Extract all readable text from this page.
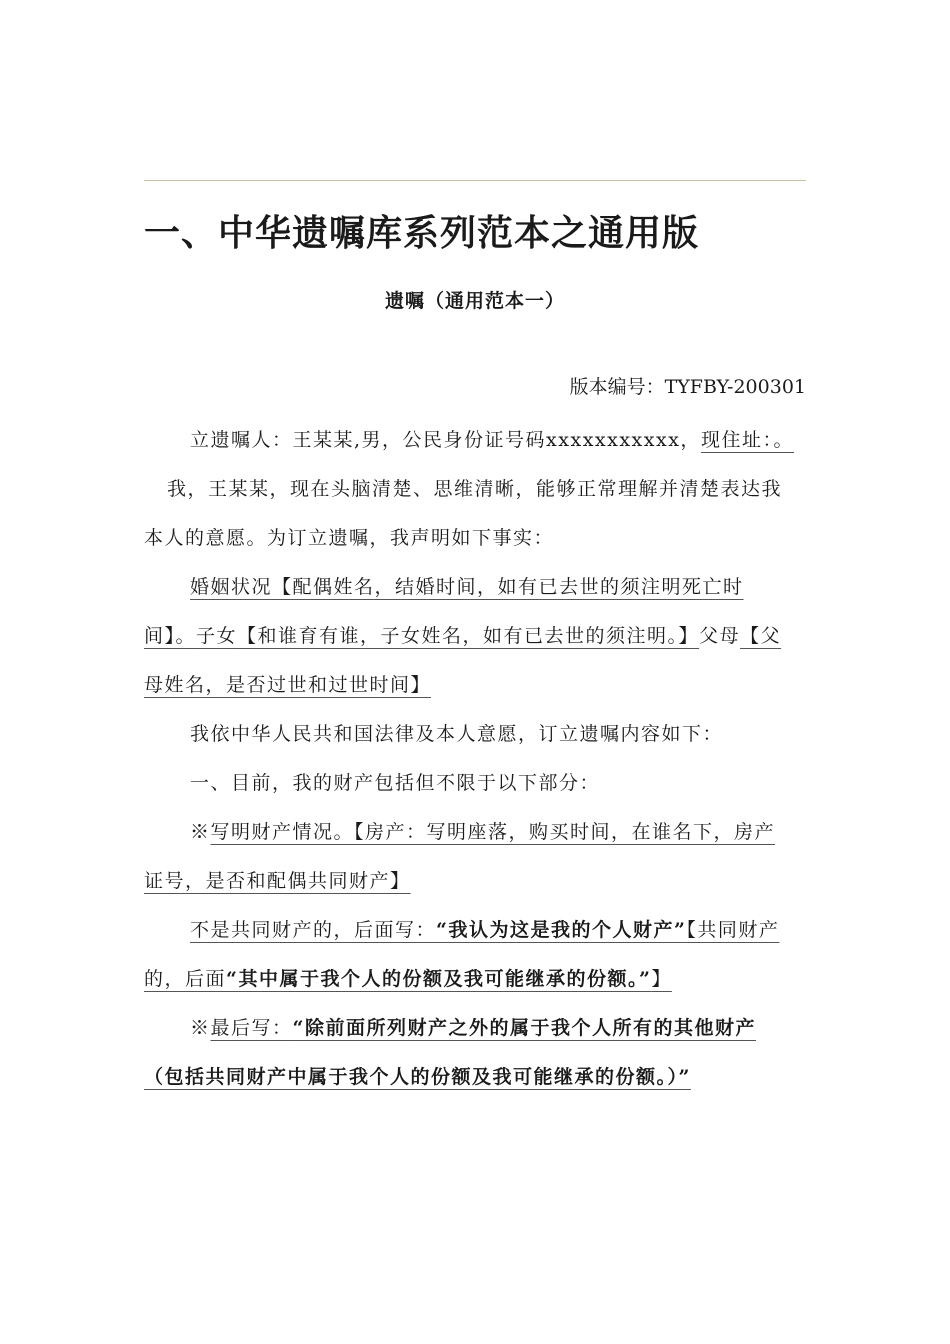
一、中华遗嘱库系列范本之通用版
遗嘱（通用范本一）
版本编号：TYFBY-200301

立遗嘱人：王某某,男，公民身份证号码xxxxxxxxxxx，现住址：。

我，王某某，现在头脑清楚、思维清晰，能够正常理解并清楚表达我本人的意愿。为订立遗嘱，我声明如下事实：

婚姻状况【配偶姓名，结婚时间，如有已去世的须注明死亡时间】。子女【和谁育有谁，子女姓名，如有已去世的须注明。】父母【父母姓名，是否过世和过世时间】

我依中华人民共和国法律及本人意愿，订立遗嘱内容如下：

一、目前，我的财产包括但不限于以下部分：

※写明财产情况。【房产：写明座落，购买时间，在谁名下，房产证号，是否和配偶共同财产】

不是共同财产的，后面写：“我认为这是我的个人财产”【共同财产的，后面“其中属于我个人的份额及我可能继承的份额。”】

※最后写：“除前面所列财产之外的属于我个人所有的其他财产（包括共同财产中属于我个人的份额及我可能继承的份额。）”
